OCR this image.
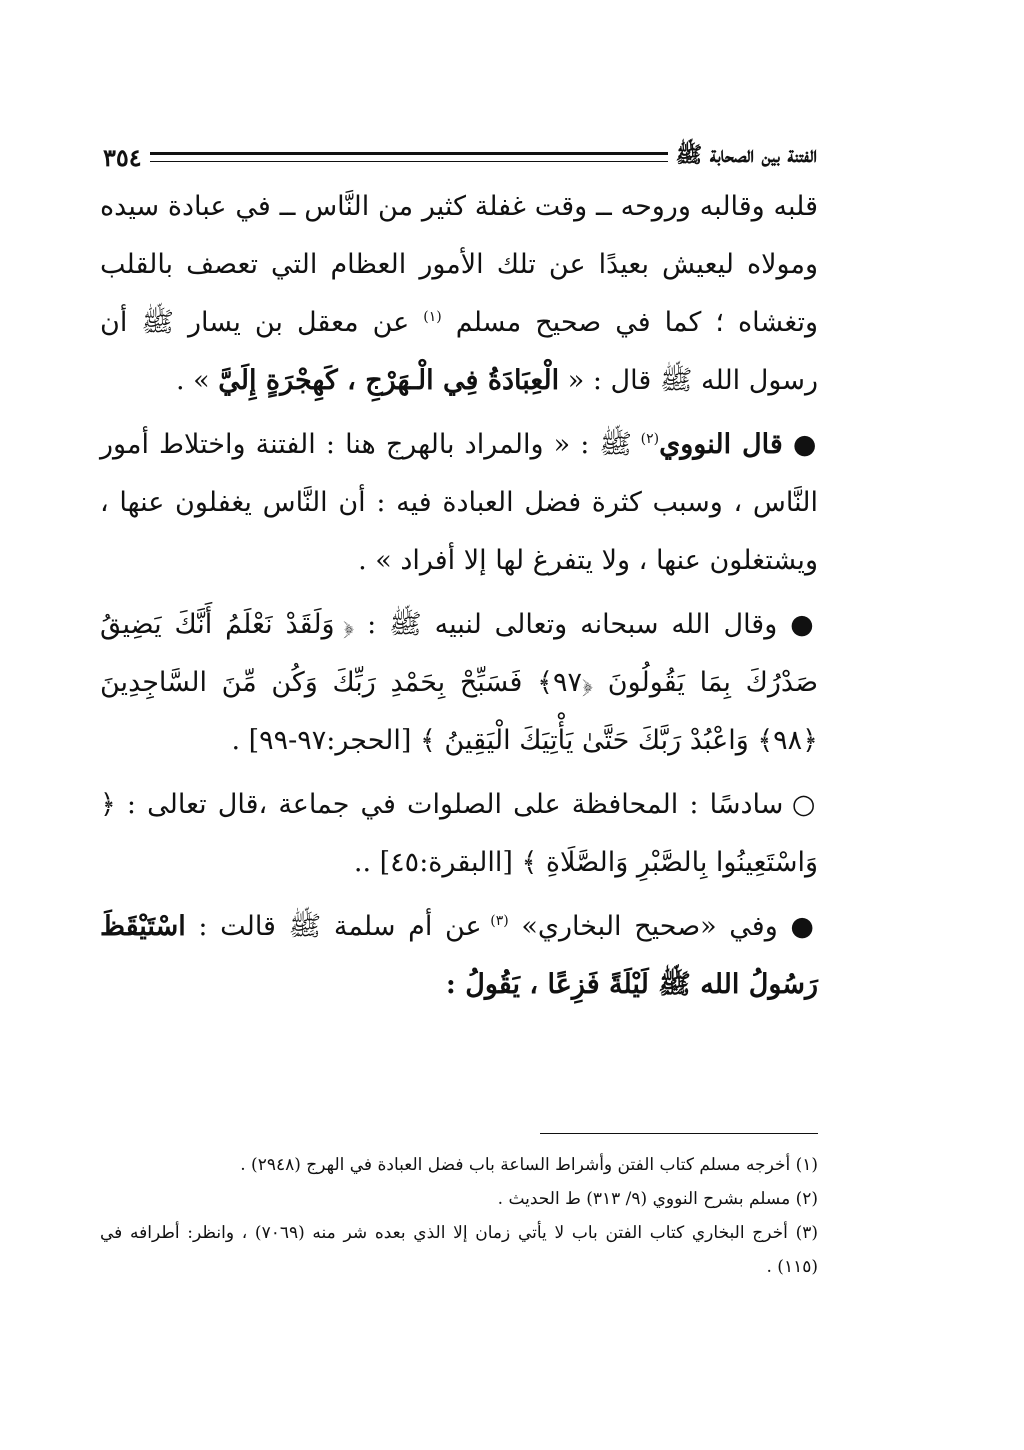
الفتنة بين الصحابة ﷺ
٣٥٤

قلبه وقالبه وروحه ــ وقت غفلة كثير من النَّاس ــ في عبادة سيده ومولاه ليعيش بعيدًا عن تلك الأمور العظام التي تعصف بالقلب وتغشاه ؛ كما في صحيح مسلم $^{(١)}$ عن معقل بن يسار ﷺ أن رسول الله ﷺ قال : « الْعِبَادَةُ فِي الْـهَرْجِ ، كَهِجْرَةٍ إِلَيَّ » .

● قال النووي$^{(٢)}$ ﷺ : « والمراد بالهرج هنا : الفتنة واختلاط أمور النَّاس ، وسبب كثرة فضل العبادة فيه : أن النَّاس يغفلون عنها ، ويشتغلون عنها ، ولا يتفرغ لها إلا أفراد » .

● وقال الله سبحانه وتعالى لنبيه ﷺ : ﴿ وَلَقَدْ نَعْلَمُ أَنَّكَ يَضِيقُ صَدْرُكَ بِمَا يَقُولُونَ ﴿٩٧﴾ فَسَبِّحْ بِحَمْدِ رَبِّكَ وَكُن مِّنَ السَّاجِدِينَ ﴿٩٨﴾ وَاعْبُدْ رَبَّكَ حَتَّىٰ يَأْتِيَكَ الْيَقِينُ ﴾ [الحجر:٩٧-٩٩] .

○ سادسًا : المحافظة على الصلوات في جماعة ،قال تعالى : ﴿ وَاسْتَعِينُوا بِالصَّبْرِ وَالصَّلَاةِ ﴾ [االبقرة:٤٥] ..

● وفي «صحيح البخاري» $^{(٣)}$ عن أم سلمة ﷺ قالت : اسْتَيْقَظَ رَسُولُ الله ﷺ لَيْلَةً فَزِعًا ، يَقُولُ :

(١) أخرجه مسلم كتاب الفتن وأشراط الساعة باب فضل العبادة في الهرج (٢٩٤٨) .

(٢) مسلم بشرح النووي (٩/ ٣١٣) ط الحديث .

(٣) أخرج البخاري كتاب الفتن باب لا يأتي زمان إلا الذي بعده شر منه (٧٠٦٩) ، وانظر: أطرافه في (١١٥) .
